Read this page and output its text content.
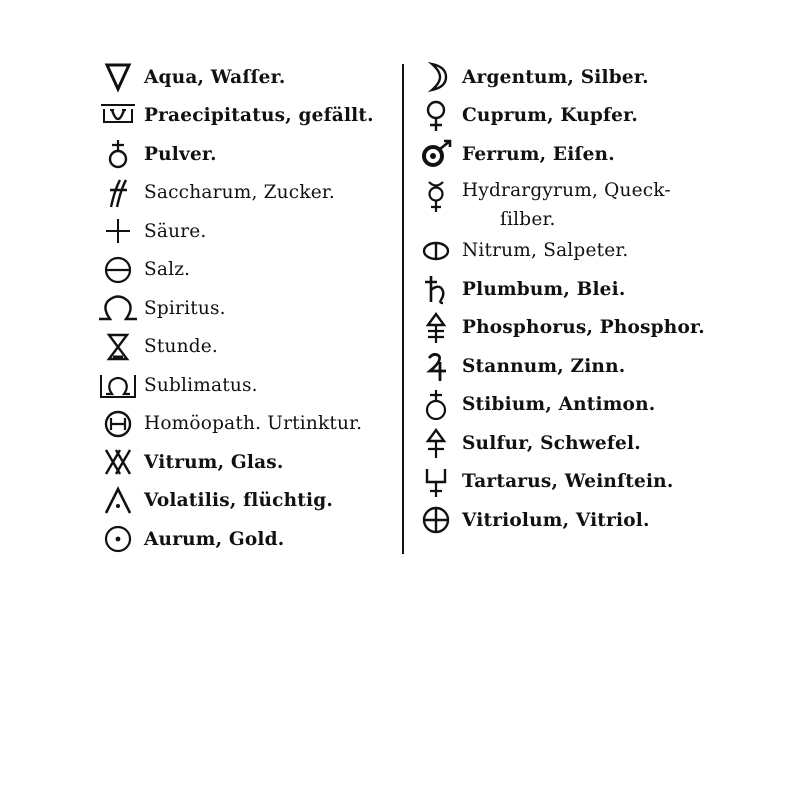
Aqua, Waſſer.
Praecipitatus, gefällt.
Pulver.
Saccharum, Zucker.
Säure.
Salz.
Spiritus.
Stunde.
Sublimatus.
Homöopath. Urtinktur.
Vitrum, Glas.
Volatilis, flüchtig.
Aurum, Gold.
Argentum, Silber.
Cuprum, Kupfer.
Ferrum, Eiſen.
Hydrargyrum, Queck-
ſilber.
Nitrum, Salpeter.
Plumbum, Blei.
Phosphorus, Phosphor.
Stannum, Zinn.
Stibium, Antimon.
Sulfur, Schwefel.
Tartarus, Weinſtein.
Vitriolum, Vitriol.
